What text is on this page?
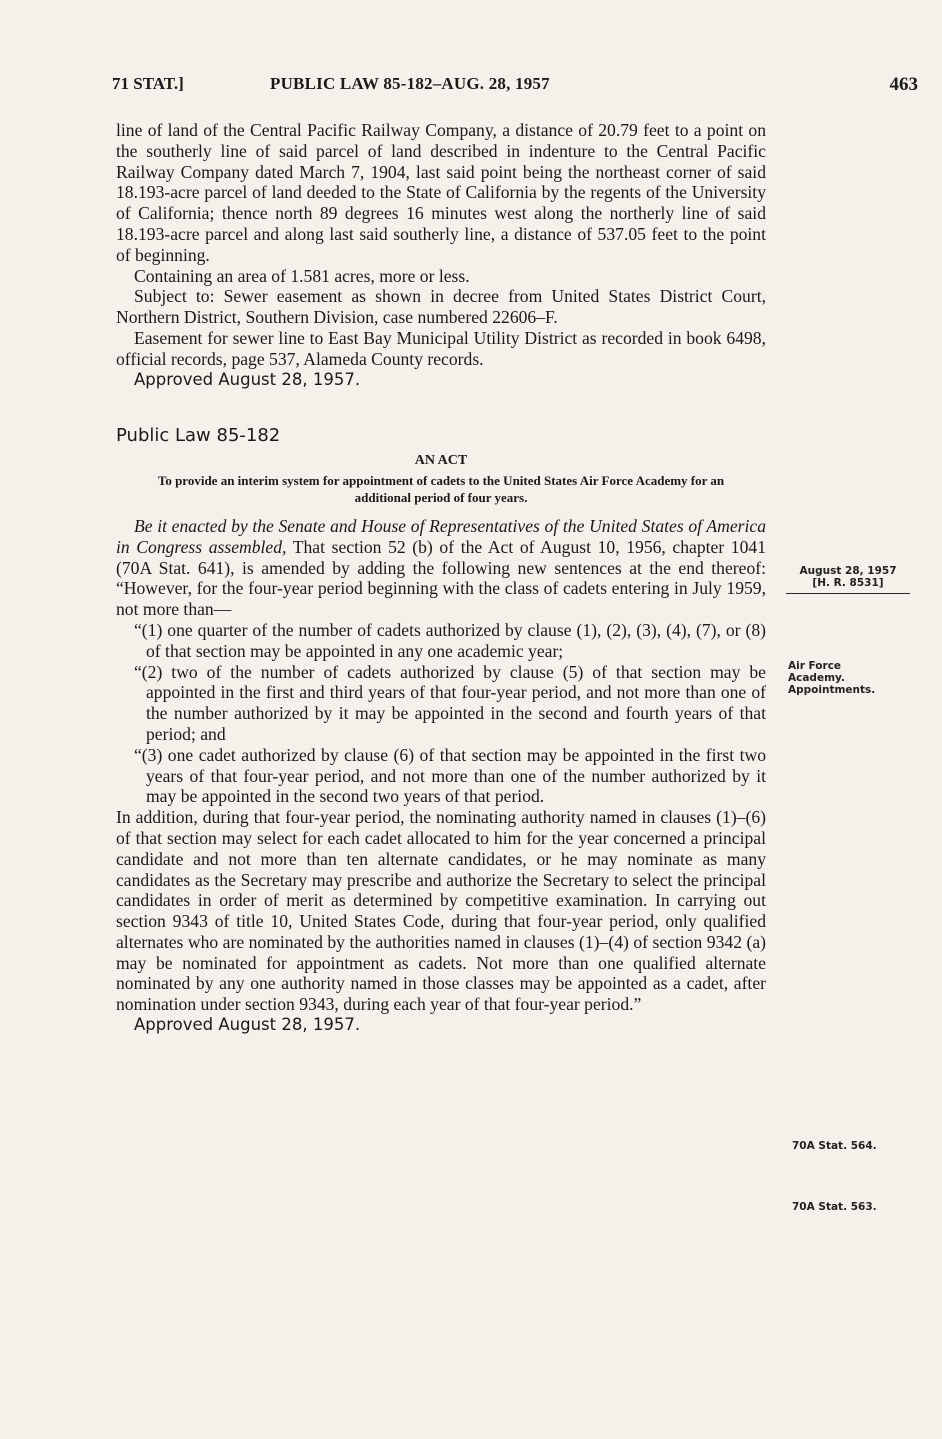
71 STAT.]	PUBLIC LAW 85-182–AUG. 28, 1957	463

line of land of the Central Pacific Railway Company, a distance of 20.79 feet to a point on the southerly line of said parcel of land described in indenture to the Central Pacific Railway Company dated March 7, 1904, last said point being the northeast corner of said 18.193-acre parcel of land deeded to the State of California by the regents of the University of California; thence north 89 degrees 16 minutes west along the northerly line of said 18.193-acre parcel and along last said southerly line, a distance of 537.05 feet to the point of beginning.

Containing an area of 1.581 acres, more or less.

Subject to: Sewer easement as shown in decree from United States District Court, Northern District, Southern Division, case numbered 22606–F.

Easement for sewer line to East Bay Municipal Utility District as recorded in book 6498, official records, page 537, Alameda County records.

Approved August 28, 1957.

Public Law 85-182

AN ACT

To provide an interim system for appointment of cadets to the United States Air Force Academy for an additional period of four years.

Be it enacted by the Senate and House of Representatives of the United States of America in Congress assembled, That section 52 (b) of the Act of August 10, 1956, chapter 1041 (70A Stat. 641), is amended by adding the following new sentences at the end thereof: “However, for the four-year period beginning with the class of cadets entering in July 1959, not more than—

“(1) one quarter of the number of cadets authorized by clause (1), (2), (3), (4), (7), or (8) of that section may be appointed in any one academic year;

“(2) two of the number of cadets authorized by clause (5) of that section may be appointed in the first and third years of that four-year period, and not more than one of the number authorized by it may be appointed in the second and fourth years of that period; and

“(3) one cadet authorized by clause (6) of that section may be appointed in the first two years of that four-year period, and not more than one of the number authorized by it may be appointed in the second two years of that period.

In addition, during that four-year period, the nominating authority named in clauses (1)–(6) of that section may select for each cadet allocated to him for the year concerned a principal candidate and not more than ten alternate candidates, or he may nominate as many candidates as the Secretary may prescribe and authorize the Secretary to select the principal candidates in order of merit as determined by competitive examination. In carrying out section 9343 of title 10, United States Code, during that four-year period, only qualified alternates who are nominated by the authorities named in clauses (1)–(4) of section 9342 (a) may be nominated for appointment as cadets. Not more than one qualified alternate nominated by any one authority named in those classes may be appointed as a cadet, after nomination under section 9343, during each year of that four-year period.”

Approved August 28, 1957.

August 28, 1957
[H. R. 8531]
Air Force Academy. Appointments.
70A Stat. 564.
70A Stat. 563.
